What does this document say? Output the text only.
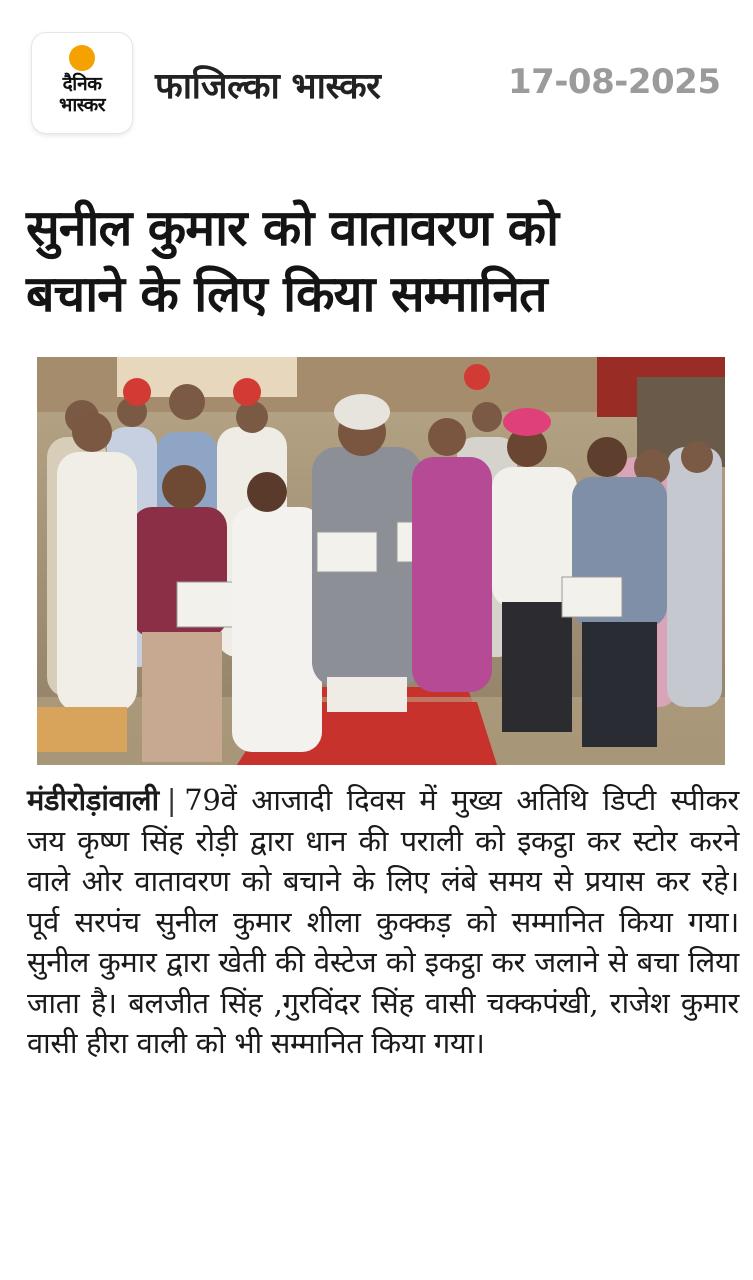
दैनिक
भास्कर	फाजिल्का भास्कर	17-08-2025
सुनील कुमार को वातावरण को
बचाने के लिए किया सम्मानित
मंडीरोड़ांवाली | 79वें आजादी दिवस में मुख्य अतिथि डिप्टी स्पीकर जय कृष्ण सिंह रोड़ी द्वारा धान की पराली को इकट्ठा कर स्टोर करने वाले ओर वातावरण को बचाने के लिए लंबे समय से प्रयास कर रहे। पूर्व सरपंच सुनील कुमार शीला कुक्कड़ को सम्मानित किया गया। सुनील कुमार द्वारा खेती की वेस्टेज को इकट्ठा कर जलाने से बचा लिया जाता है। बलजीत सिंह ,गुरविंदर सिंह वासी चक्कपंखी, राजेश कुमार वासी हीरा वाली को भी सम्मानित किया गया।
